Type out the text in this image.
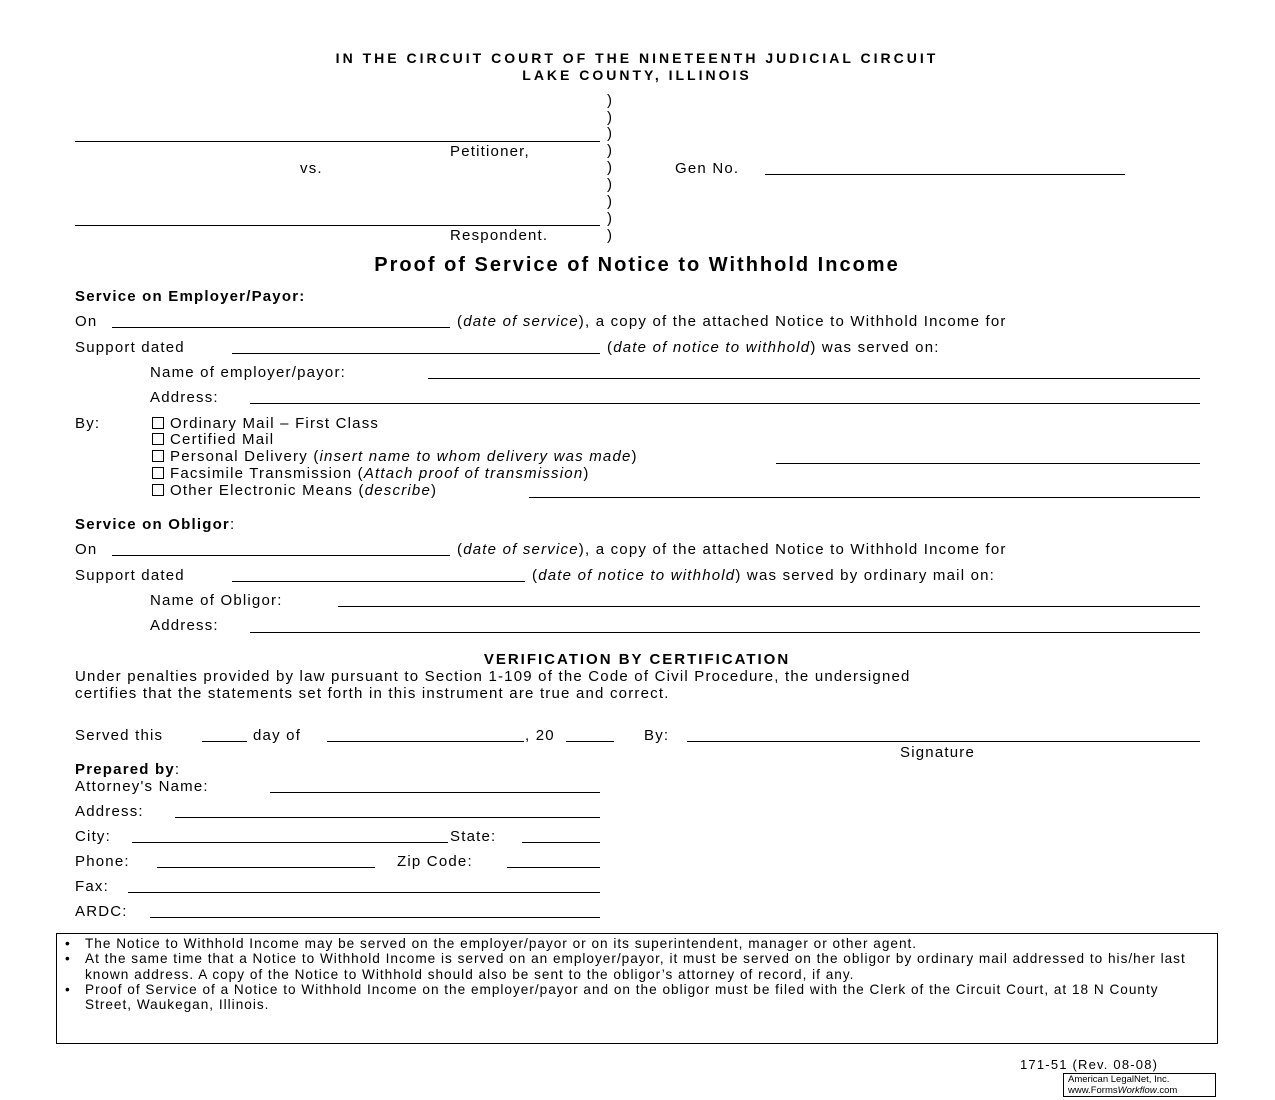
IN THE CIRCUIT COURT OF THE NINETEENTH JUDICIAL CIRCUIT
LAKE COUNTY, ILLINOIS
)
)
)
)
)
)
)
)
)
Petitioner,
vs.
Respondent.
Gen No.
Proof of Service of Notice to Withhold Income
Service on Employer/Payor:
On	(date of service), a copy of the attached Notice to Withhold Income for
Support dated	(date of notice to withhold) was served on:
Name of employer/payor:
Address:
By:	Ordinary Mail – First Class
Certified Mail
Personal Delivery (insert name to whom delivery was made)
Facsimile Transmission (Attach proof of transmission)
Other Electronic Means (describe)
Service on Obligor:
On	(date of service), a copy of the attached Notice to Withhold Income for
Support dated	(date of notice to withhold) was served by ordinary mail on:
Name of Obligor:
Address:
VERIFICATION BY CERTIFICATION
Under penalties provided by law pursuant to Section 1-109 of the Code of Civil Procedure, the undersigned
certifies that the statements set forth in this instrument are true and correct.
Served this	day of	, 20	By:
Signature
Prepared by:
Attorney's Name:
Address:
City:	State:
Phone:	Zip Code:
Fax:
ARDC:
• The Notice to Withhold Income may be served on the employer/payor or on its superintendent, manager or other agent.
• At the same time that a Notice to Withhold Income is served on an employer/payor, it must be served on the obligor by ordinary mail addressed to his/her last known address. A copy of the Notice to Withhold should also be sent to the obligor’s attorney of record, if any.
• Proof of Service of a Notice to Withhold Income on the employer/payor and on the obligor must be filed with the Clerk of the Circuit Court, at 18 N County Street, Waukegan, Illinois.
171-51 (Rev. 08-08)
American LegalNet, Inc.
www.FormsWorkflow.com
